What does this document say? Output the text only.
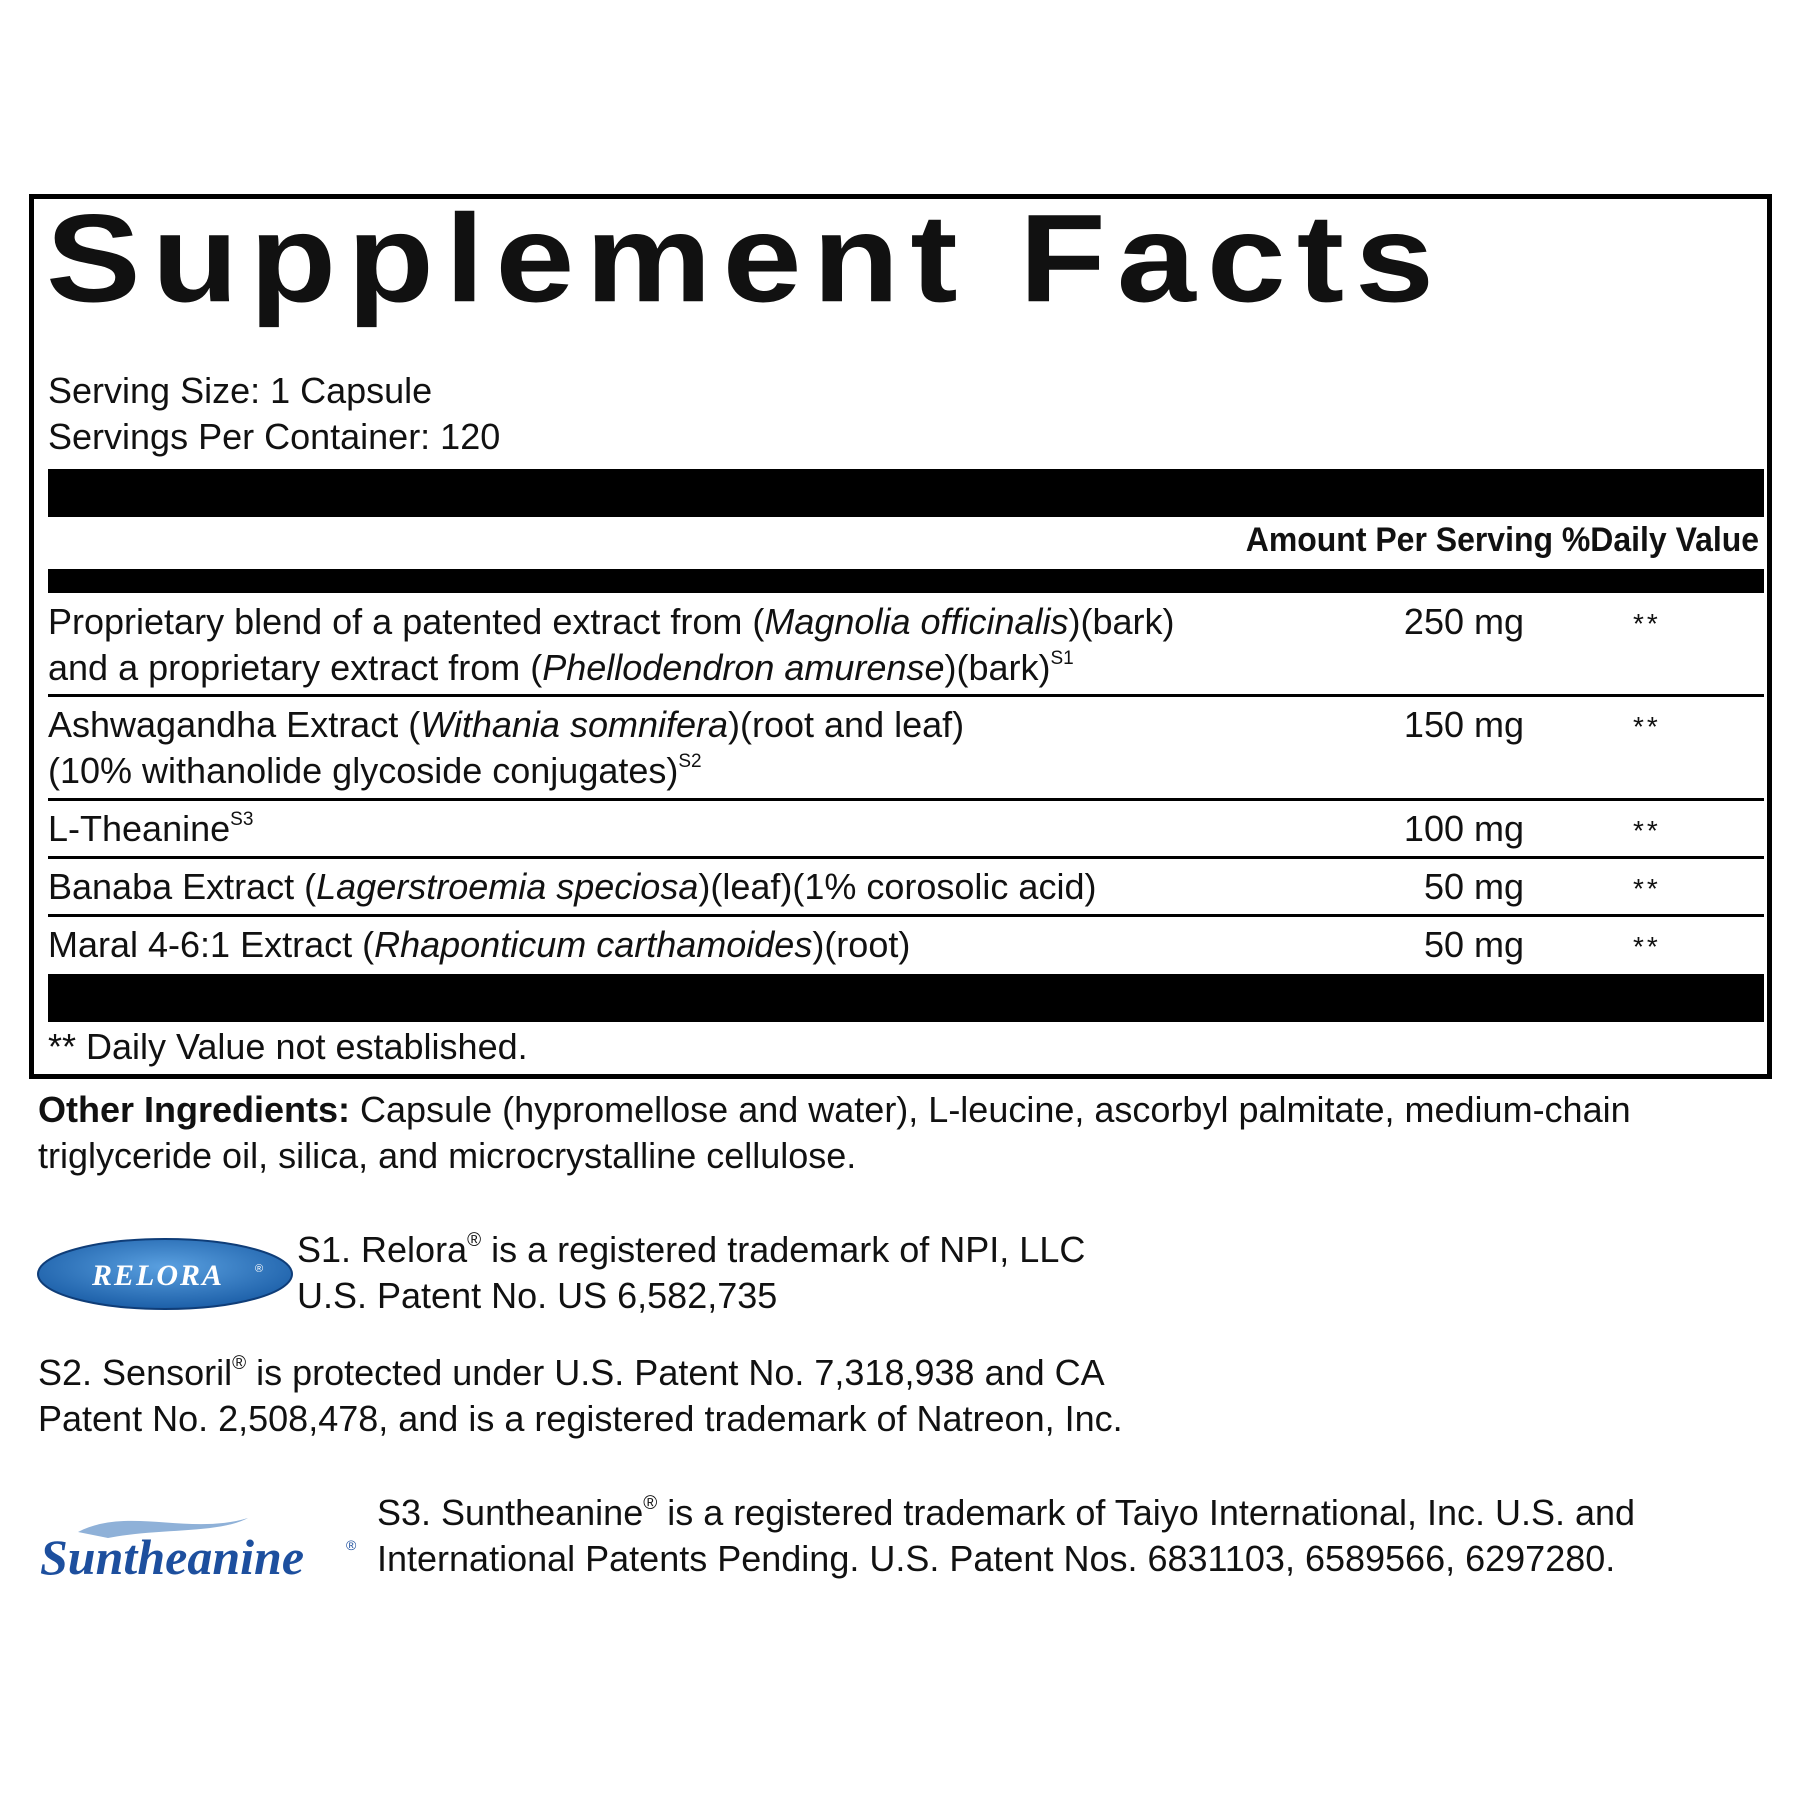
Supplement Facts
Serving Size: 1 Capsule
Servings Per Container: 120
Amount Per Serving %Daily Value
Proprietary blend of a patented extract from (Magnolia officinalis)(bark)
and a proprietary extract from (Phellodendron amurense)(bark)$^{S1}$
250 mg	**
Ashwagandha Extract (Withania somnifera)(root and leaf)
(10% withanolide glycoside conjugates)$^{S2}$
150 mg	**
L-Theanine$^{S3}$	100 mg	**
Banaba Extract (Lagerstroemia speciosa)(leaf)(1% corosolic acid)	50 mg	**
Maral 4-6:1 Extract (Rhaponticum carthamoides)(root)	50 mg	**
** Daily Value not established.
Other Ingredients: Capsule (hypromellose and water), L-leucine, ascorbyl palmitate, medium-chain triglyceride oil, silica, and microcrystalline cellulose.
RELORA	® S1. Relora® is a registered trademark of NPI, LLC
U.S. Patent No. US 6,582,735
S2. Sensoril® is protected under U.S. Patent No. 7,318,938 and CA
Patent No. 2,508,478, and is a registered trademark of Natreon, Inc.
Suntheanine	®
S3. Suntheanine® is a registered trademark of Taiyo International, Inc. U.S. and
International Patents Pending. U.S. Patent Nos. 6831103, 6589566, 6297280.
